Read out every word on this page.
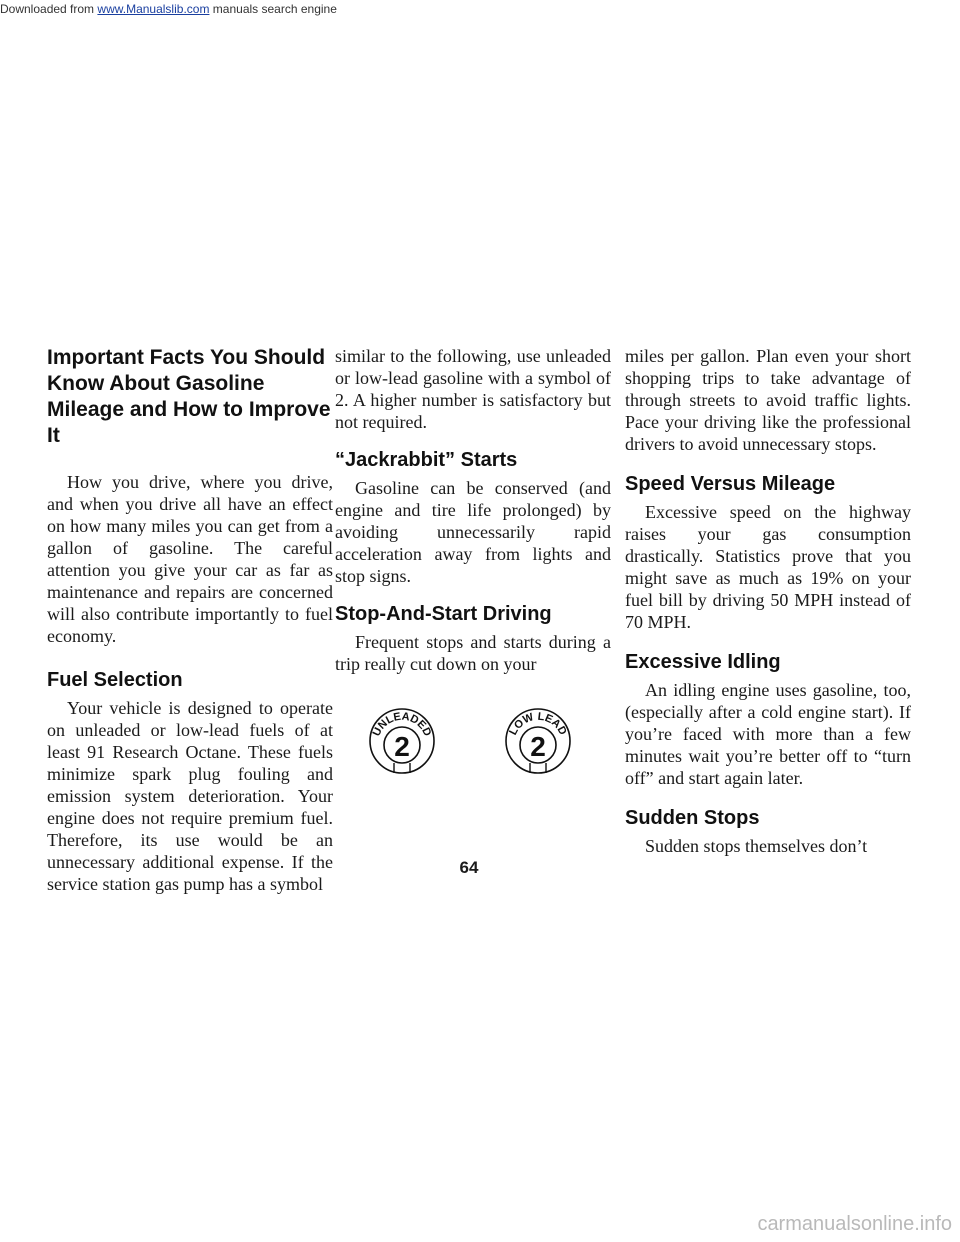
Downloaded from www.Manualslib.com manuals search engine
Important Facts You Should Know About Gasoline Mileage and How to Improve It

How you drive, where you drive, and when you drive all have an effect on how many miles you can get from a gallon of gasoline. The careful attention you give your car as far as maintenance and repairs are concerned will also contribute importantly to fuel economy.

Fuel Selection

Your vehicle is designed to operate on unleaded or low-lead fuels of at least 91 Research Octane. These fuels minimize spark plug fouling and emission system deterioration. Your engine does not require premium fuel. Therefore, its use would be an unnecessary additional expense. If the service station gas pump has a symbol

similar to the following, use unleaded or low-lead gasoline with a symbol of 2. A higher number is satisfactory but not required.

“Jackrabbit” Starts

Gasoline can be conserved (and engine and tire life prolonged) by avoiding unnecessarily rapid acceleration away from lights and stop signs.

Stop-And-Start Driving

Frequent stops and starts during a trip really cut down on your

UNLEADED
2	LOW LEAD
2

miles per gallon. Plan even your short shopping trips to take advantage of through streets to avoid traffic lights. Pace your driving like the professional drivers to avoid unnecessary stops.

Speed Versus Mileage

Excessive speed on the highway raises your gas consumption drastically. Statistics prove that you might save as much as 19% on your fuel bill by driving 50 MPH instead of 70 MPH.

Excessive Idling

An idling engine uses gasoline, too, (especially after a cold engine start). If you’re faced with more than a few minutes wait you’re better off to “turn off” and start again later.

Sudden Stops

Sudden stops themselves don’t

64
carmanualsonline.info
